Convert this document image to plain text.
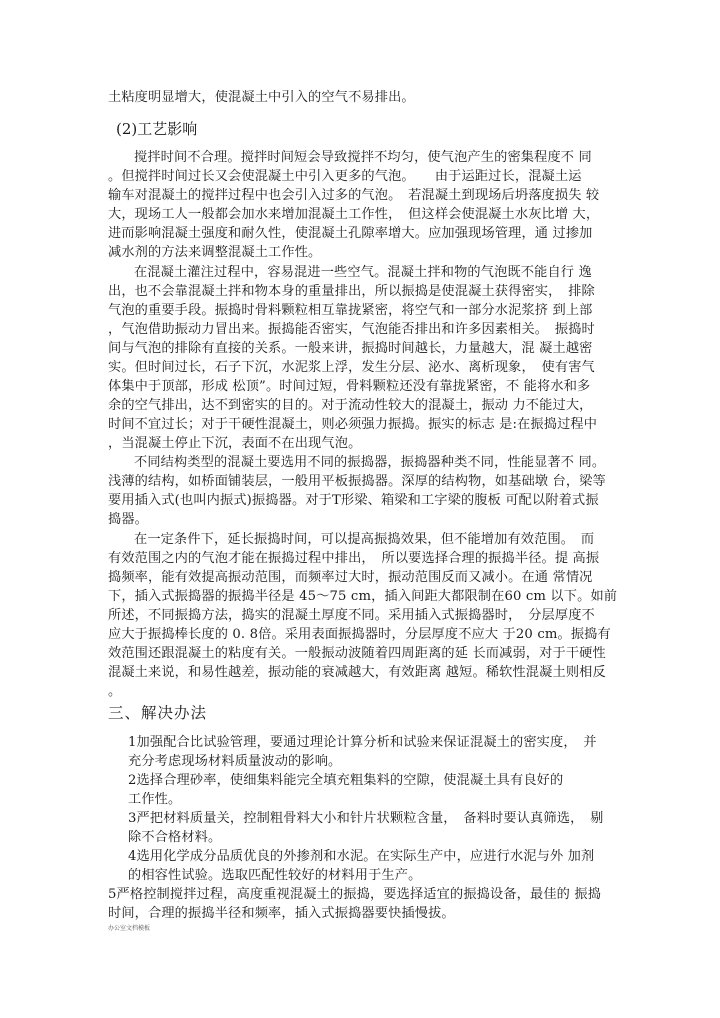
土粘度明显增大，使混凝土中引入的空气不易排出。
(2)工艺影响
搅拌时间不合理。搅拌时间短会导致搅拌不均匀，使气泡产生的密集程度不 同
。但搅拌时间过长又会使混凝土中引入更多的气泡。　　由于运距过长，混凝土运
输车对混凝土的搅拌过程中也会引入过多的气泡。　若混凝土到现场后坍落度损失 较
大，现场工人一般都会加水来增加混凝土工作性，　但这样会使混凝土水灰比增 大，
进而影响混凝土强度和耐久性，使混凝土孔隙率增大。应加强现场管理，通 过掺加
减水剂的方法来调整混凝土工作性。
在混凝土灌注过程中，容易混进一些空气。混凝土拌和物的气泡既不能自行 逸
出，也不会靠混凝土拌和物本身的重量排出，所以振捣是使混凝土获得密实，　排除
气泡的重要手段。振捣时骨料颗粒相互靠拢紧密，将空气和一部分水泥浆挤 到上部
，气泡借助振动力冒出来。振捣能否密实，气泡能否排出和许多因素相关。　振捣时
间与气泡的排除有直接的关系。一般来讲，振捣时间越长，力量越大，混 凝土越密
实。但时间过长，石子下沉，水泥浆上浮，发生分层、泌水、离析现象，　使有害气
体集中于顶部，形成 松顶”。时间过短，骨料颗粒还没有靠拢紧密，不 能将水和多
余的空气排出，达不到密实的目的。对于流动性较大的混凝土，振动 力不能过大，
时间不宜过长；对于干硬性混凝土，则必须强力振捣。振实的标志 是:在振捣过程中
，当混凝土停止下沉，表面不在出现气泡。
不同结构类型的混凝土要选用不同的振捣器，振捣器种类不同，性能显著不 同。
浅薄的结构，如桥面铺装层，一般用平板振捣器。深厚的结构物，如基础墩 台，梁等
要用插入式(也叫内振式)振捣器。对于T形梁、箱梁和工字梁的腹板 可配以附着式振
捣器。
在一定条件下，延长振捣时间，可以提高振捣效果，但不能增加有效范围。　而
有效范围之内的气泡才能在振捣过程中排出，　所以要选择合理的振捣半径。提 高振
捣频率，能有效提高振动范围，而频率过大时，振动范围反而又减小。在通 常情况
下，插入式振捣器的振捣半径是 45～75 cm，插入间距大都限制在60 cm 以下。如前
所述，不同振捣方法，捣实的混凝土厚度不同。采用插入式振捣器时，　分层厚度不
应大于振捣棒长度的 0. 8倍。采用表面振捣器时，分层厚度不应大 于20 cm。振捣有
效范围还跟混凝土的粘度有关。一般振动波随着四周距离的延 长而减弱，对于干硬性
混凝土来说，和易性越差，振动能的衰减越大，有效距离 越短。稀软性混凝土则相反
。
三、解决办法
1加强配合比试验管理，要通过理论计算分析和试验来保证混凝土的密实度，　并
充分考虑现场材料质量波动的影响。
2选择合理砂率，使细集料能完全填充粗集料的空隙，使混凝土具有良好的
工作性。
3严把材料质量关，控制粗骨料大小和针片状颗粒含量，　备料时要认真筛选，　剔
除不合格材料。
4选用化学成分品质优良的外掺剂和水泥。在实际生产中，应进行水泥与外 加剂
的相容性试验。选取匹配性较好的材料用于生产。
5严格控制搅拌过程，高度重视混凝土的振捣，要选择适宜的振捣设备，最佳的 振捣
时间，合理的振捣半径和频率，插入式振捣器要快插慢拔。
办公室文档模板
